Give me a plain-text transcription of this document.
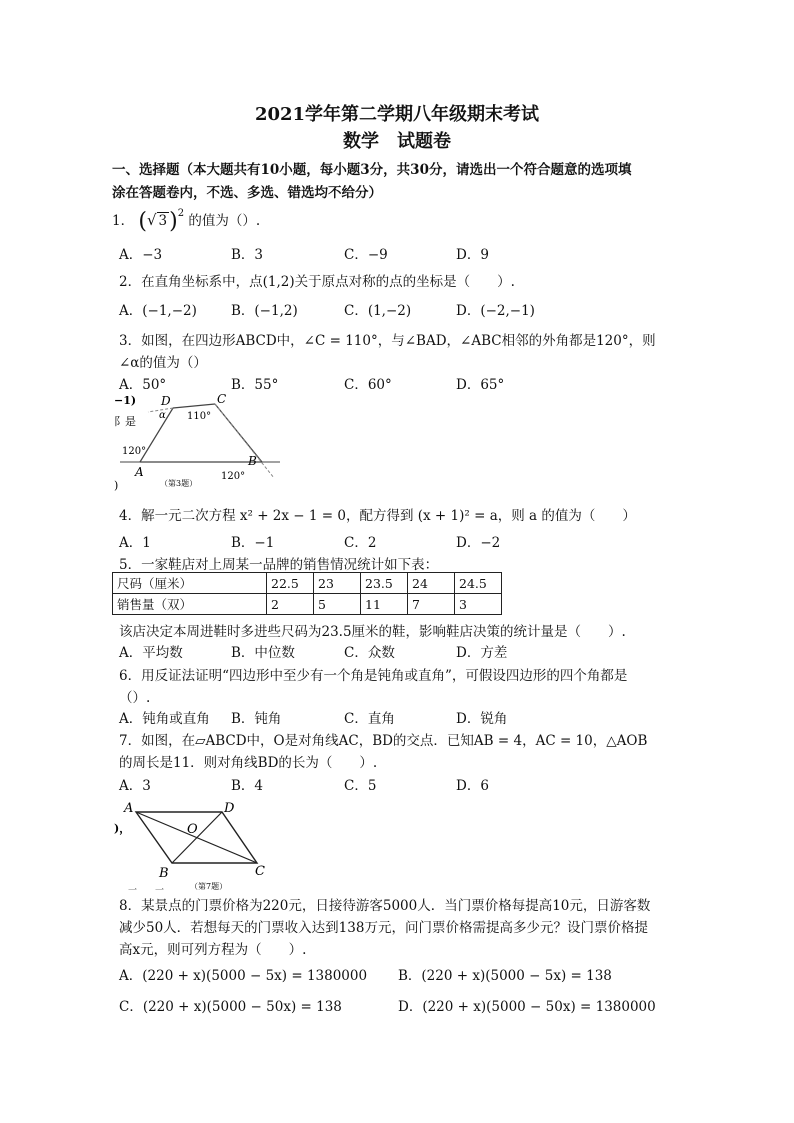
2021学年第二学期八年级期末考试
数学　试题卷
一、选择题（本大题共有10小题，每小题3分，共30分，请选出一个符合题意的选项填
涂在答题卷内，不选、多选、错选均不给分）
1． (√ 3)$^2$ 的值为（）.
A．−3	B．3	C．−9	D．9
2．在直角坐标系中，点(1,2)关于原点对称的点的坐标是（　　）.
A．(−1,−2)	B．(−1,2)	C．(1,−2)	D．(−2,−1)
3．如图，在四边形ABCD中，∠C = 110°，与∠BAD，∠ABC相邻的外角都是120°，则
∠α的值为（）
A．50°	B．55°	C．60°	D．65°
−1)
阝是
)
D	C
A
B
α 110°
120°
120°
（第3题）
4．解一元二次方程 x² + 2x − 1 = 0，配方得到 (x + 1)² = a，则 a 的值为（　　）
A．1	B．−1	C．2	D．−2
5．一家鞋店对上周某一品牌的销售情况统计如下表：
尺码（厘米）	22.5	23	23.5	24	24.5
销售量（双）	2	5	11	7	3
该店决定本周进鞋时多进些尺码为23.5厘米的鞋，影响鞋店决策的统计量是（　　）.
A．平均数	B．中位数	C．众数	D．方差
6．用反证法证明“四边形中至少有一个角是钝角或直角”，可假设四边形的四个角都是
（）.
A．钝角或直角 B．钝角	C．直角	D．锐角
7．如图，在▱ABCD中，O是对角线AC，BD的交点．已知AB = 4，AC = 10，△AOB
的周长是11．则对角线BD的长为（　　）.
A．3	B．4	C．5	D．6
)，
一　　一
A	D
B	C
O
（第7题）
8．某景点的门票价格为220元，日接待游客5000人．当门票价格每提高10元，日游客数
减少50人．若想每天的门票收入达到138万元，问门票价格需提高多少元？设门票价格提
高x元，则可列方程为（　　）.
A．(220 + x)(5000 − 5x) = 1380000 B．(220 + x)(5000 − 5x) = 138
C．(220 + x)(5000 − 50x) = 138	D．(220 + x)(5000 − 50x) = 1380000
